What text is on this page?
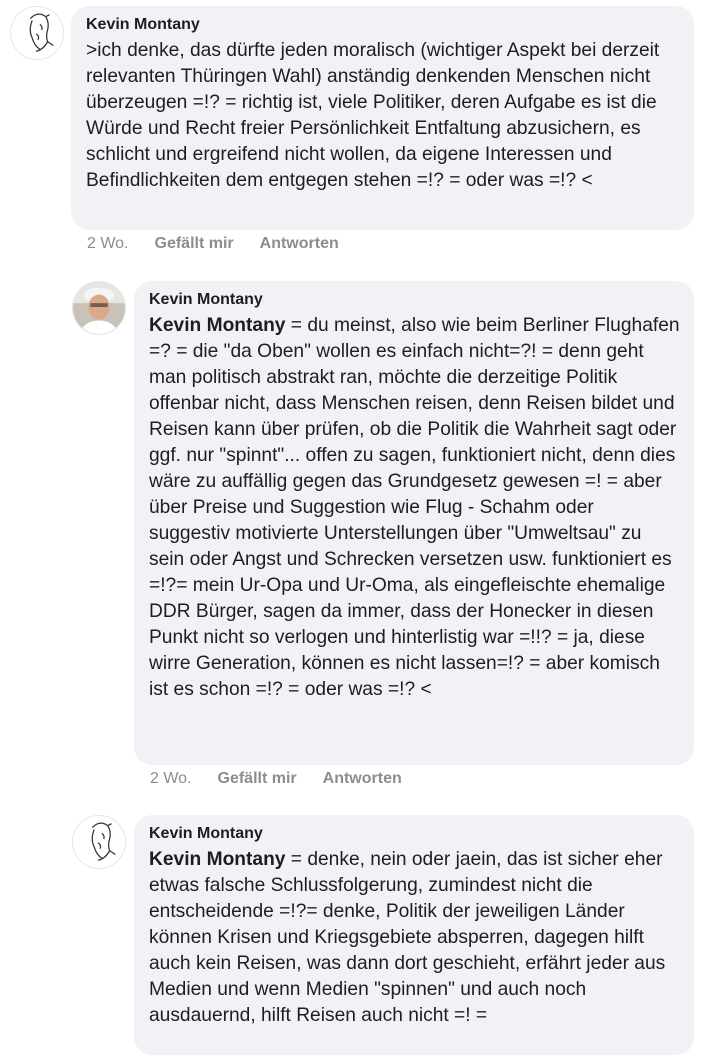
Kevin Montany
>ich denke, das dürfte jeden moralisch (wichtiger Aspekt bei derzeit relevanten Thüringen Wahl) anständig denkenden Menschen nicht überzeugen =!? = richtig ist, viele Politiker, deren Aufgabe es ist die Würde und Recht freier Persönlichkeit Entfaltung abzusichern, es schlicht und ergreifend nicht wollen, da eigene Interessen und Befindlichkeiten dem entgegen stehen =!? = oder was =!? <
2 Wo. Gefällt mir Antworten
Kevin Montany
Kevin Montany = du meinst, also wie beim Berliner Flughafen =? = die "da Oben" wollen es einfach nicht=?! = denn geht man politisch abstrakt ran, möchte die derzeitige Politik offenbar nicht, dass Menschen reisen, denn Reisen bildet und Reisen kann über prüfen, ob die Politik die Wahrheit sagt oder ggf. nur "spinnt"... offen zu sagen, funktioniert nicht, denn dies wäre zu auffällig gegen das Grundgesetz gewesen =! = aber über Preise und Suggestion wie Flug - Schahm oder suggestiv motivierte Unterstellungen über "Umweltsau" zu sein oder Angst und Schrecken versetzen usw. funktioniert es =!?= mein Ur-Opa und Ur-Oma, als eingefleischte ehemalige DDR Bürger, sagen da immer, dass der Honecker in diesen Punkt nicht so verlogen und hinterlistig war =!!? = ja, diese wirre Generation, können es nicht lassen=!? = aber komisch ist es schon =!? = oder was =!? <
2 Wo. Gefällt mir Antworten
Kevin Montany
Kevin Montany = denke, nein oder jaein, das ist sicher eher etwas falsche Schlussfolgerung, zumindest nicht die entscheidende =!?= denke, Politik der jeweiligen Länder können Krisen und Kriegsgebiete absperren, dagegen hilft auch kein Reisen, was dann dort geschieht, erfährt jeder aus Medien und wenn Medien "spinnen" und auch noch ausdauernd, hilft Reisen auch nicht =! =
